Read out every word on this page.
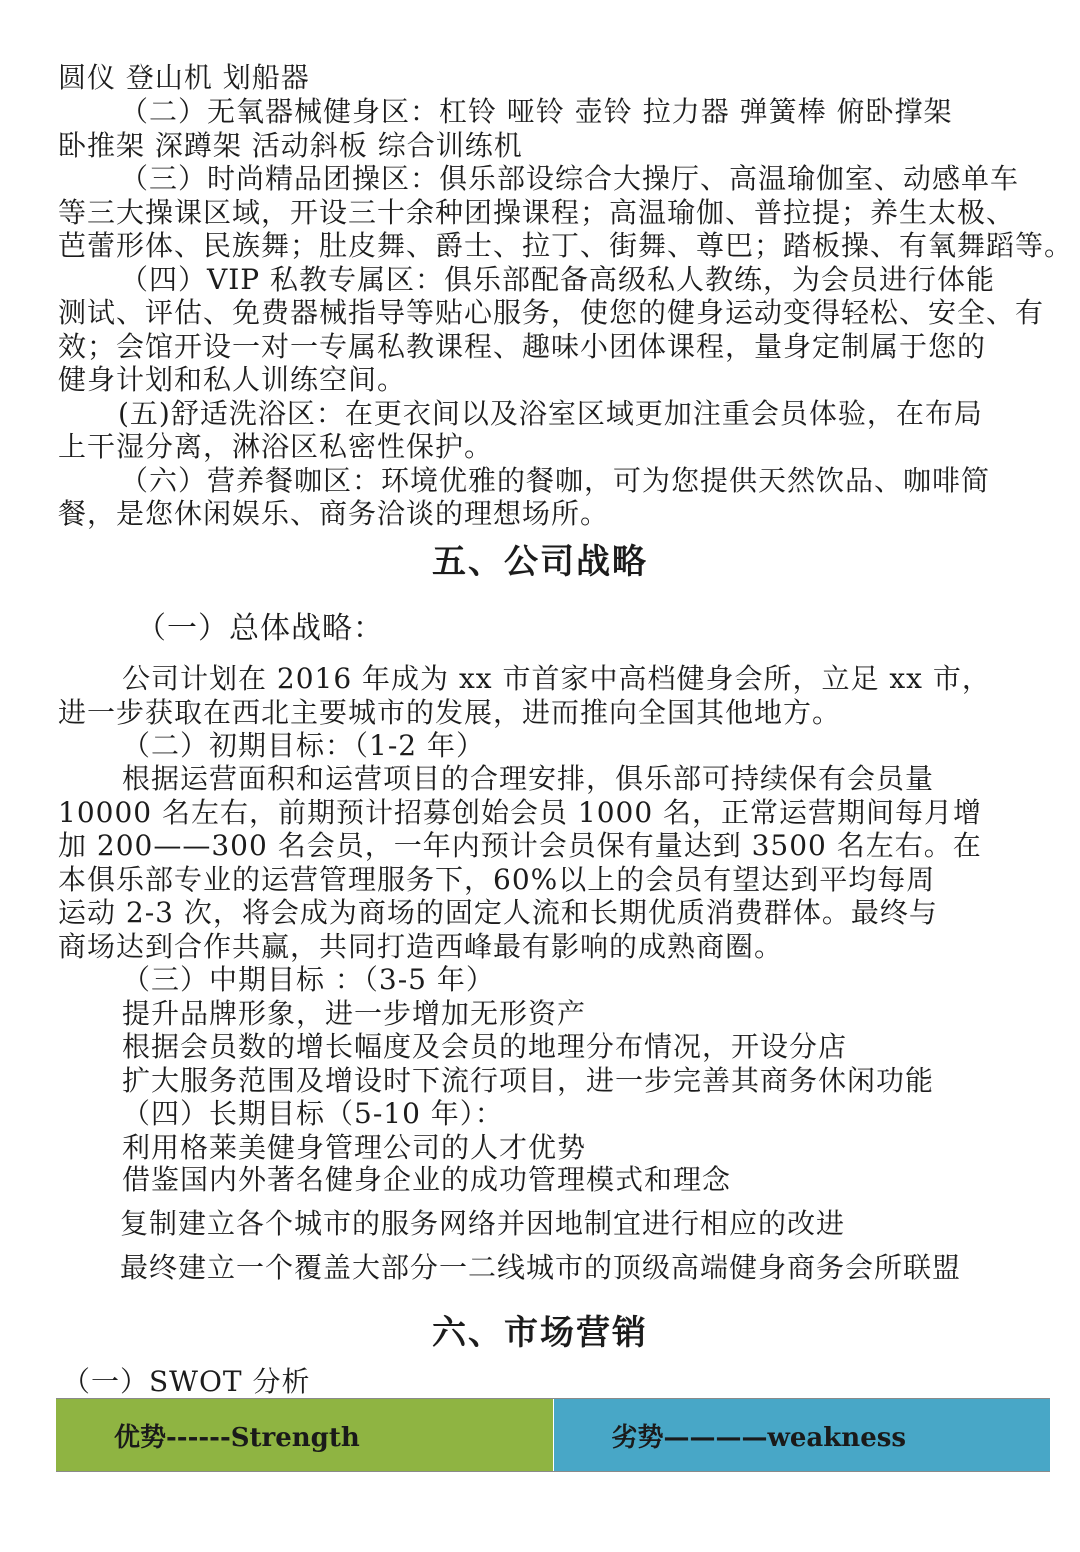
圆仪 登山机 划船器
（二）无氧器械健身区：杠铃 哑铃 壶铃 拉力器 弹簧棒 俯卧撑架
卧推架 深蹲架 活动斜板 综合训练机
（三）时尚精品团操区：俱乐部设综合大操厅、高温瑜伽室、动感单车
等三大操课区域，开设三十余种团操课程；高温瑜伽、普拉提；养生太极、
芭蕾形体、民族舞；肚皮舞、爵士、拉丁、街舞、尊巴；踏板操、有氧舞蹈等。
（四）VIP 私教专属区：俱乐部配备高级私人教练，为会员进行体能
测试、评估、免费器械指导等贴心服务，使您的健身运动变得轻松、安全、有
效；会馆开设一对一专属私教课程、趣味小团体课程，量身定制属于您的
健身计划和私人训练空间。
(五)舒适洗浴区：在更衣间以及浴室区域更加注重会员体验，在布局
上干湿分离，淋浴区私密性保护。
（六）营养餐咖区：环境优雅的餐咖，可为您提供天然饮品、咖啡简
餐，是您休闲娱乐、商务洽谈的理想场所。
五、公司战略
（一）总体战略：
公司计划在 2016 年成为 xx 市首家中高档健身会所，立足 xx 市，
进一步获取在西北主要城市的发展，进而推向全国其他地方。
（二）初期目标：（1-2 年）
根据运营面积和运营项目的合理安排，俱乐部可持续保有会员量
10000 名左右，前期预计招募创始会员 1000 名，正常运营期间每月增
加 200——300 名会员，一年内预计会员保有量达到 3500 名左右。在
本俱乐部专业的运营管理服务下，60%以上的会员有望达到平均每周
运动 2-3 次，将会成为商场的固定人流和长期优质消费群体。最终与
商场达到合作共赢，共同打造西峰最有影响的成熟商圈。
（三）中期目标 ：（3-5 年）
提升品牌形象，进一步增加无形资产
根据会员数的增长幅度及会员的地理分布情况，开设分店
扩大服务范围及增设时下流行项目，进一步完善其商务休闲功能
（四）长期目标（5-10 年）：
利用格莱美健身管理公司的人才优势
借鉴国内外著名健身企业的成功管理模式和理念
复制建立各个城市的服务网络并因地制宜进行相应的改进
最终建立一个覆盖大部分一二线城市的顶级高端健身商务会所联盟
六、市场营销
（一）SWOT 分析
优势------Strength	劣势————weakness
